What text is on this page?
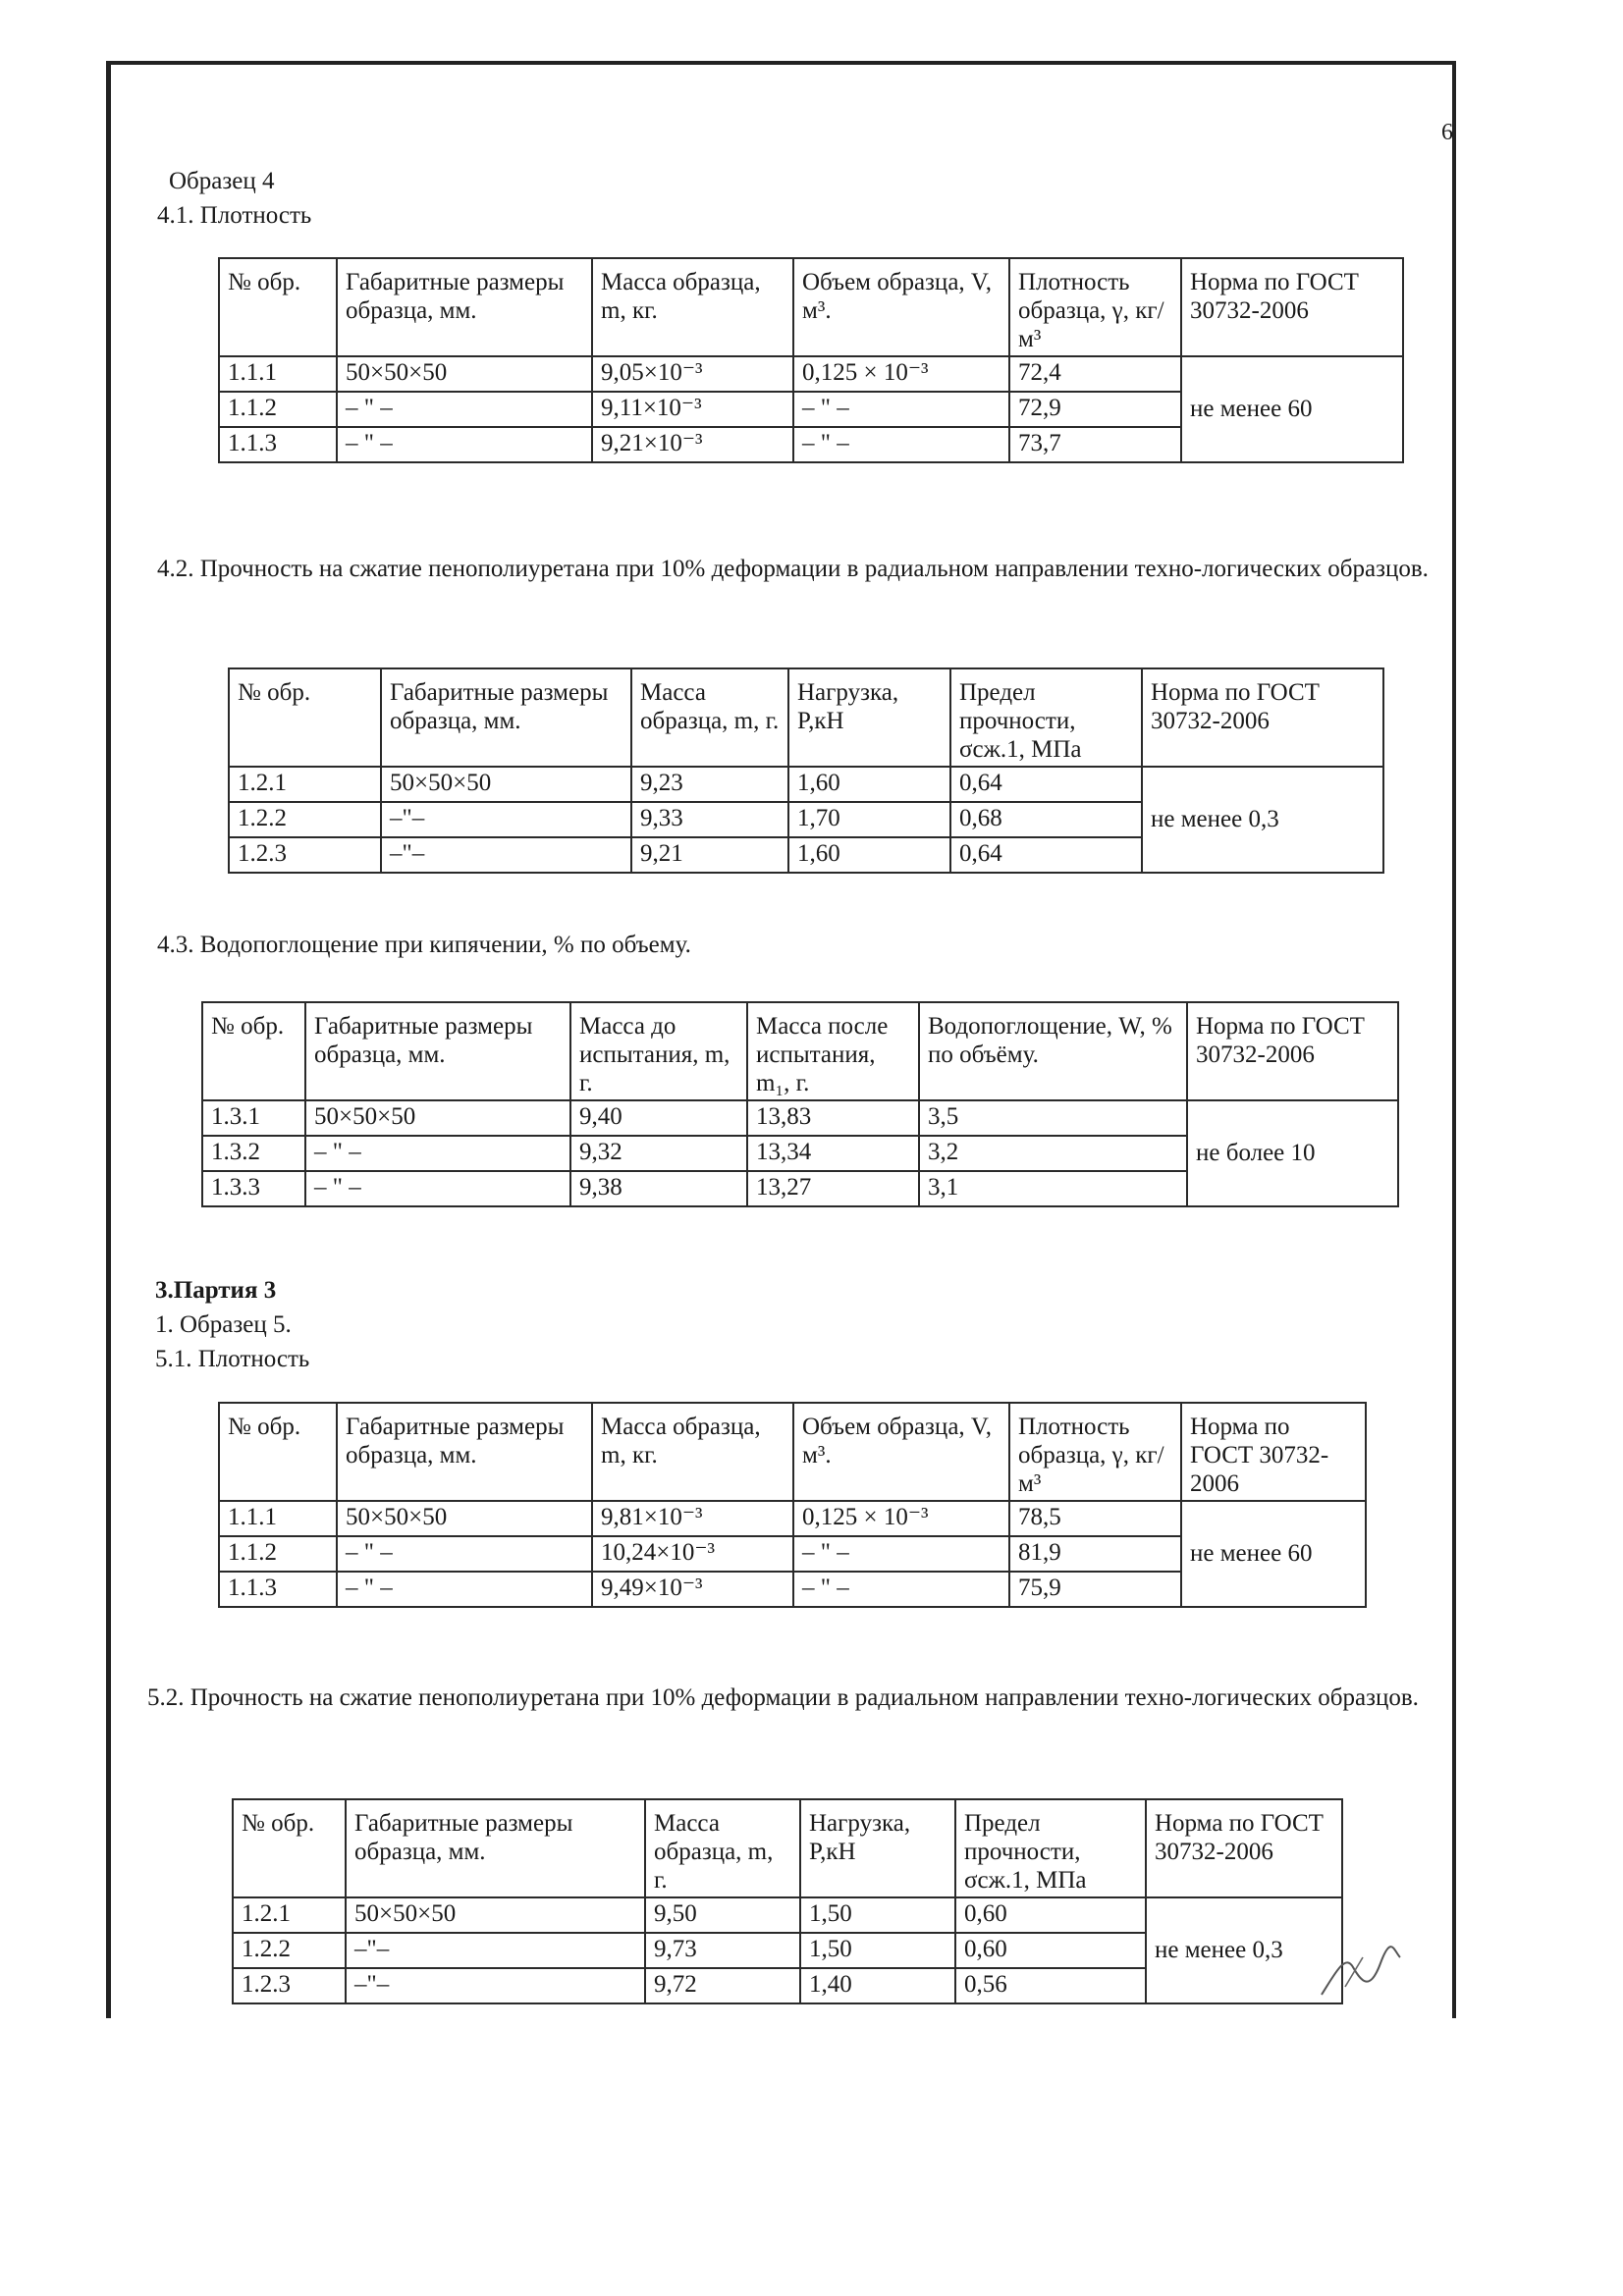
6
Образец 4
4.1. Плотность
№ обр.	Габаритные размеры образца, мм.	Масса образца, m, кг.	Объем образца, V, м³.	Плотность образца, γ, кг/м³	Норма по ГОСТ 30732-2006
1.1.1	50×50×50	9,05×10⁻³	0,125 × 10⁻³	72,4	не менее 60
1.1.2	– " –	9,11×10⁻³	– " –	72,9	
1.1.3	– " –	9,21×10⁻³	– " –	73,7	
4.2. Прочность на сжатие пенополиуретана при 10% деформации в радиальном направлении техно-логических образцов.
№ обр.	Габаритные размеры образца, мм.	Масса образца, m, г.	Нагрузка, P,кН	Предел прочности, σсж.1, МПа	Норма по ГОСТ 30732-2006
1.2.1	50×50×50	9,23	1,60	0,64	не менее 0,3
1.2.2	–"–	9,33	1,70	0,68	
1.2.3	–"–	9,21	1,60	0,64	
4.3. Водопоглощение при кипячении, % по объему.
№ обр.	Габаритные размеры образца, мм.	Масса до испытания, m, г.	Масса после испытания, m₁, г.	Водопоглощение, W, % по объёму.	Норма по ГОСТ 30732-2006
1.3.1	50×50×50	9,40	13,83	3,5	не более 10
1.3.2	– " –	9,32	13,34	3,2	
1.3.3	– " –	9,38	13,27	3,1	
3.Партия 3
1. Образец 5.
5.1. Плотность
№ обр.	Габаритные размеры образца, мм.	Масса образца, m, кг.	Объем образца, V, м³.	Плотность образца, γ, кг/м³	Норма по ГОСТ 30732-2006
1.1.1	50×50×50	9,81×10⁻³	0,125 × 10⁻³	78,5	не менее 60
1.1.2	– " –	10,24×10⁻³	– " –	81,9	
1.1.3	– " –	9,49×10⁻³	– " –	75,9	
5.2. Прочность на сжатие пенополиуретана при 10% деформации в радиальном направлении техно-логических образцов.
№ обр.	Габаритные размеры образца, мм.	Масса образца, m, г.	Нагрузка, P,кН	Предел прочности, σсж.1, МПа	Норма по ГОСТ 30732-2006
1.2.1	50×50×50	9,50	1,50	0,60	не менее 0,3
1.2.2	–"–	9,73	1,50	0,60	
1.2.3	–"–	9,72	1,40	0,56	
